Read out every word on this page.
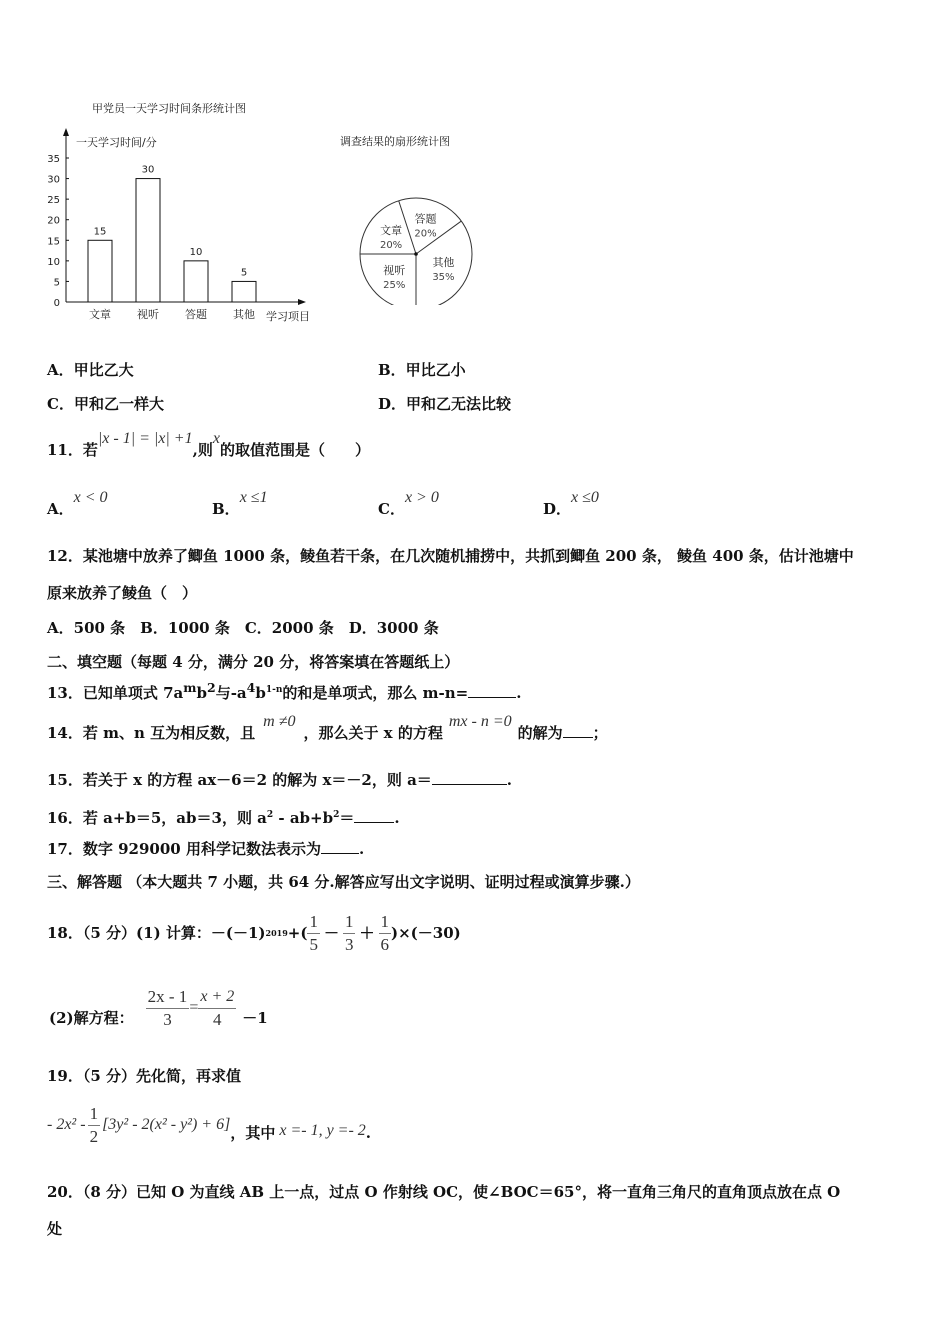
甲党员一天学习时间条形统计图
一天学习时间/分
学习项目
0
5
10
15
20
25
30
35
15
文章
30
视听
10
答题
5
其他
调查结果的扇形统计图
答题
20%
其他
35%
视听
25%
文章
20%
A．甲比乙大	B．甲比乙小
C．甲和乙一样大	D．甲和乙无法比较
11．若|x - 1| = |x| +1,则x的取值范围是（　　）
A．x < 0
B．x ≤1
C．x > 0
D．x ≤0
12．某池塘中放养了鲫鱼 1000 条，鲮鱼若干条，在几次随机捕捞中，共抓到鲫鱼 200 条， 鲮鱼 400 条，估计池塘中
原来放养了鲮鱼（　）
A．500 条　B．1000 条　C．2000 条　D．3000 条
二、填空题（每题 4 分，满分 20 分，将答案填在答题纸上）
13．已知单项式 $7a^mb^2$与$-a^4b^{1-n}$的和是单项式，那么 m-n=	.
14．若 m、n 互为相反数，且m ≠0，那么关于 x 的方程mx - n =0的解为 ；
15．若关于 x 的方程 ax－6＝2 的解为 x＝－2，则 a＝	.
16．若 a+b＝5，ab＝3，则 $a^2 - ab+b^2=$	.
17．数字 929000 用科学记数法表示为	.
三、解答题 （本大题共 7 小题，共 64 分.解答应写出文字说明、证明过程或演算步骤.）
18．（5 分）(1) 计算：－(－1) 2019 +( $\frac{1}{5} - \frac{1}{3} + \frac{1}{6} )\times(-30)$
(2)解方程： $\frac{2x - 1}{3} = \frac{x + 2}{4} -1$
19．（5 分）先化简，再求值
- $2x^2 - \frac{1}{2} [3y^2 - 2(x^2 - y^2) + 6]$ ，其中 x =- 1, y =- 2 .
20．（8 分）已知 O 为直线 AB 上一点，过点 O 作射线 OC，使∠BOC＝65°，将一直角三角尺的直角顶点放在点 O
处
